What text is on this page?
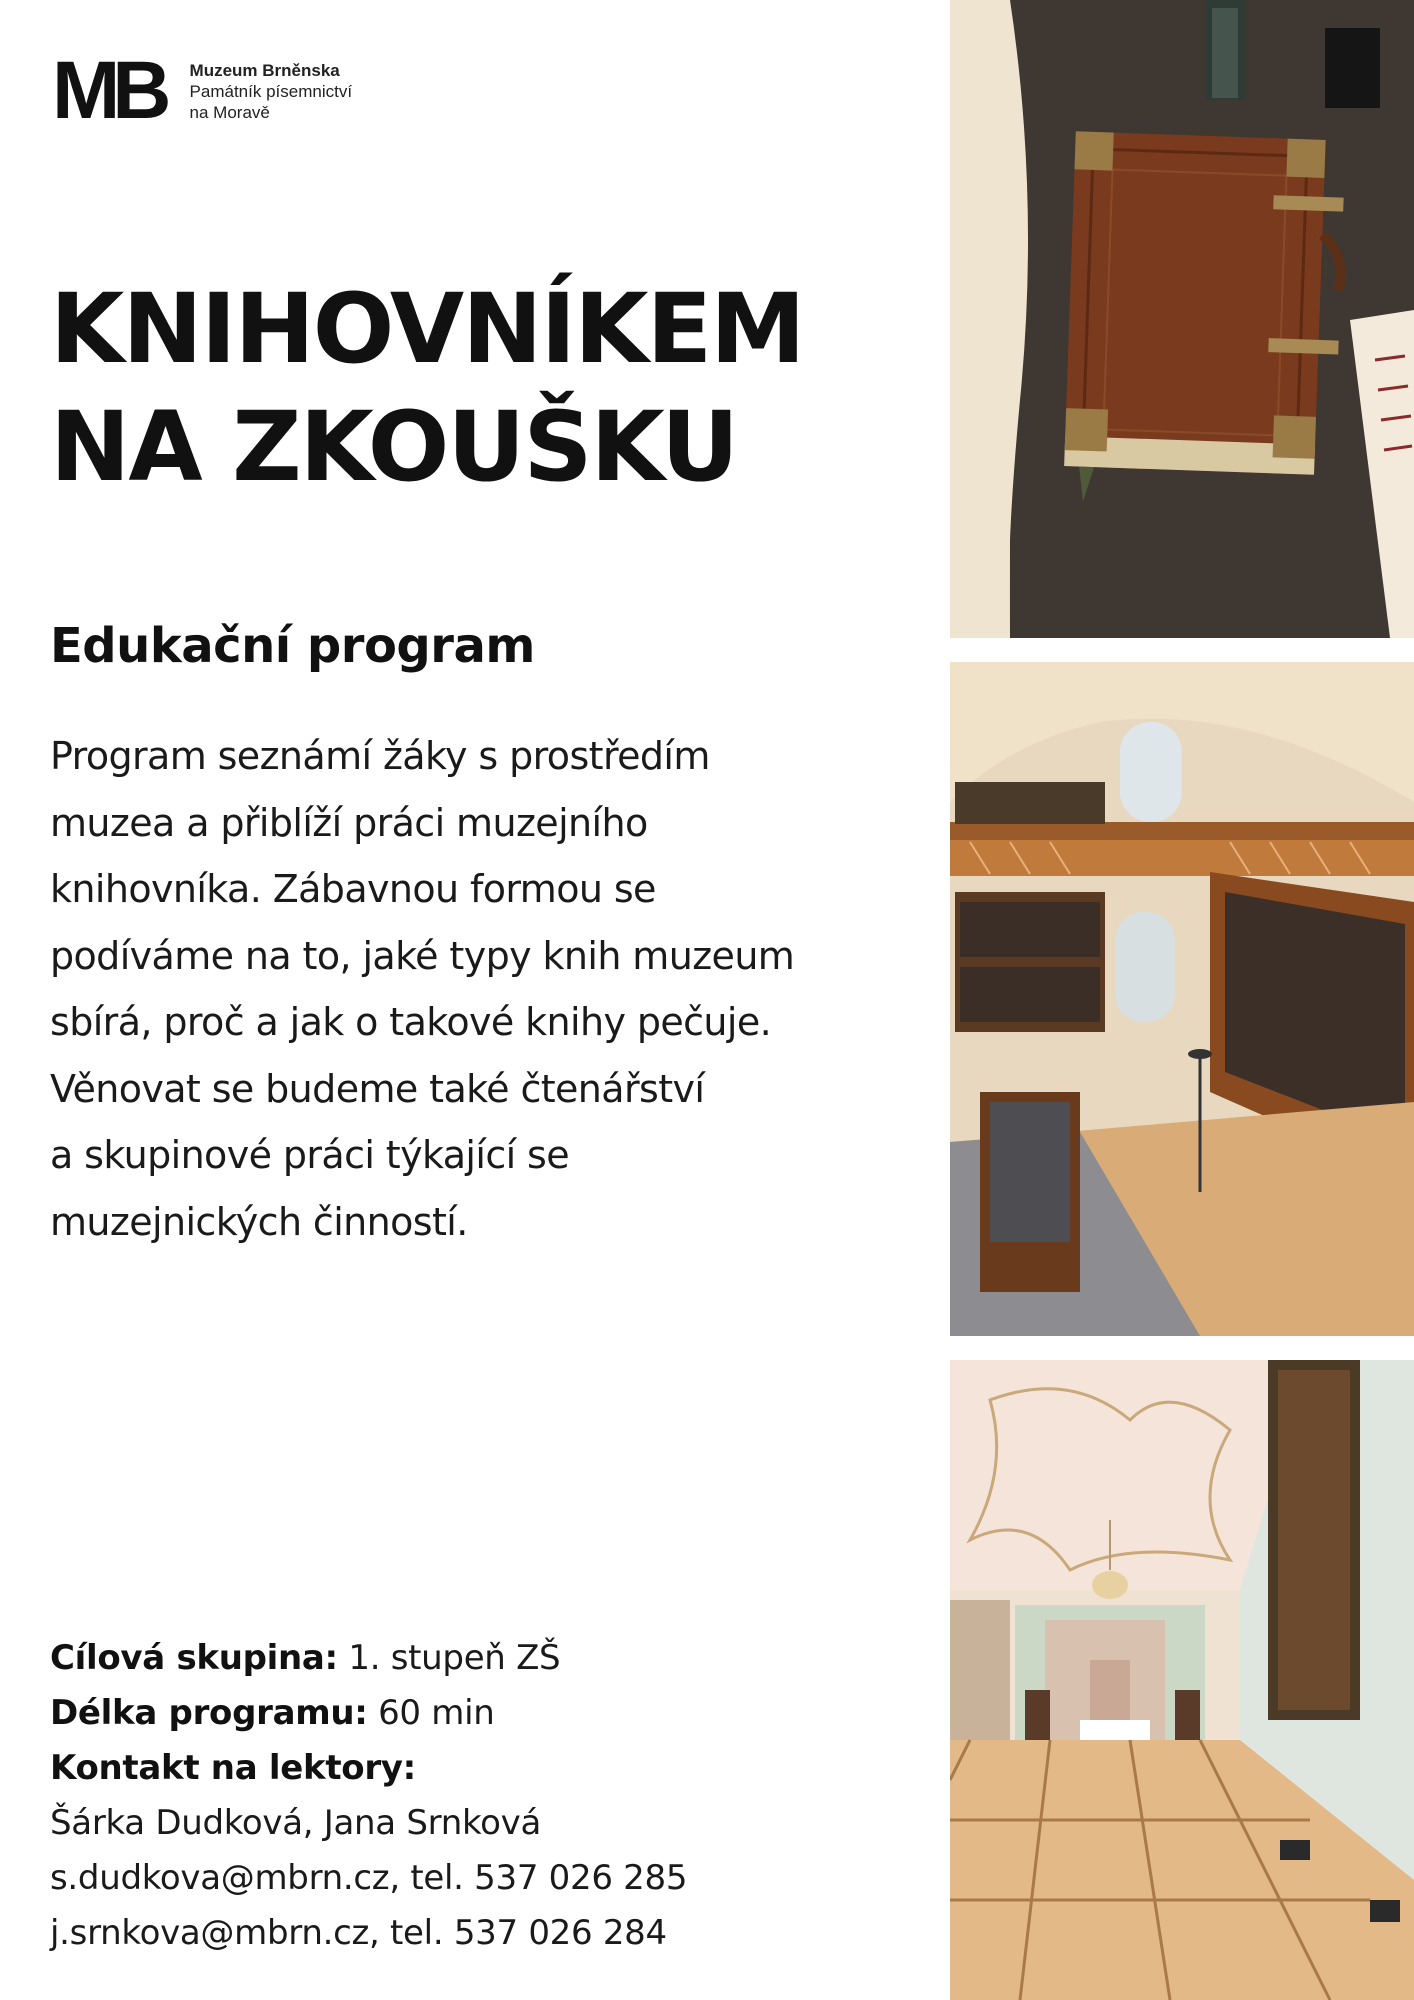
MB Muzeum Brněnska
Památník písemnictví
na Moravě
KNIHOVNÍKEM
NA ZKOUŠKU
Edukační program

Program seznámí žáky s prostředím
muzea a přiblíží práci muzejního
knihovníka. Zábavnou formou se
podíváme na to, jaké typy knih muzeum
sbírá, proč a jak o takové knihy pečuje.
Věnovat se budeme také čtenářství
a skupinové práci týkající se
muzejnických činností.

Cílová skupina: 1. stupeň ZŠ
Délka programu: 60 min
Kontakt na lektory:
Šárka Dudková, Jana Srnková
s.dudkova@mbrn.cz, tel. 537 026 285
j.srnkova@mbrn.cz, tel. 537 026 284
